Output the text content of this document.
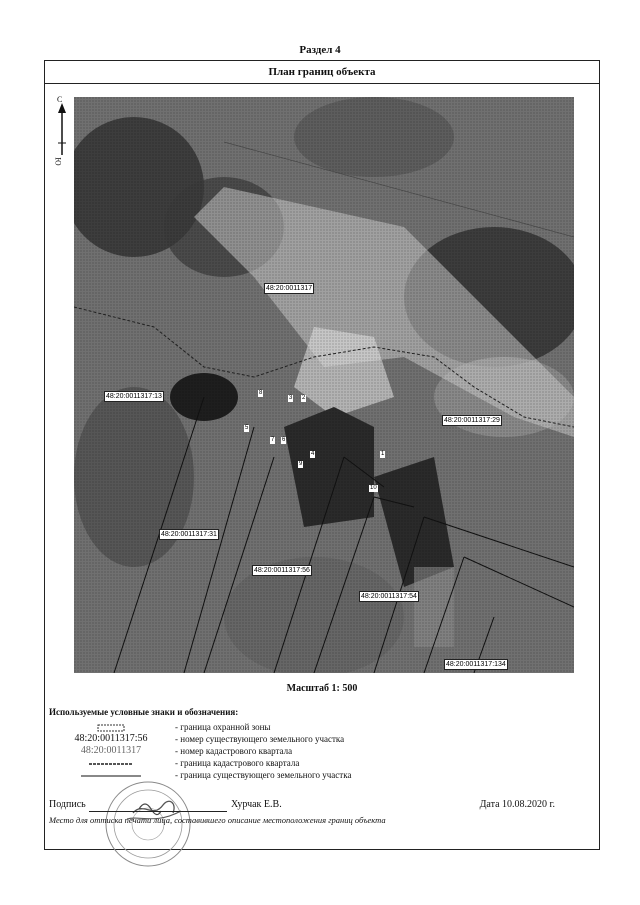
Раздел 4
План границ объекта
С
Ю
48:20:0011317
48:20:0011317:13
48:20:0011317:29
48:20:0011317:31
48:20:0011317:56
48:20:0011317:54
48:20:0011317:134
8
3 2
5
7 6
4
9
1
10
Масштаб 1: 500
Используемые условные знаки и обозначения:
- граница охранной зоны
48:20:0011317:56	- номер существующего земельного участка
48:20:0011317	- номер кадастрового квартала
- граница кадастрового квартала
- граница существующего земельного участка
Подпись	Хурчак Е.В.	Дата 10.08.2020 г.
Место для оттиска печати лица, составившего описание местоположения границ объекта
